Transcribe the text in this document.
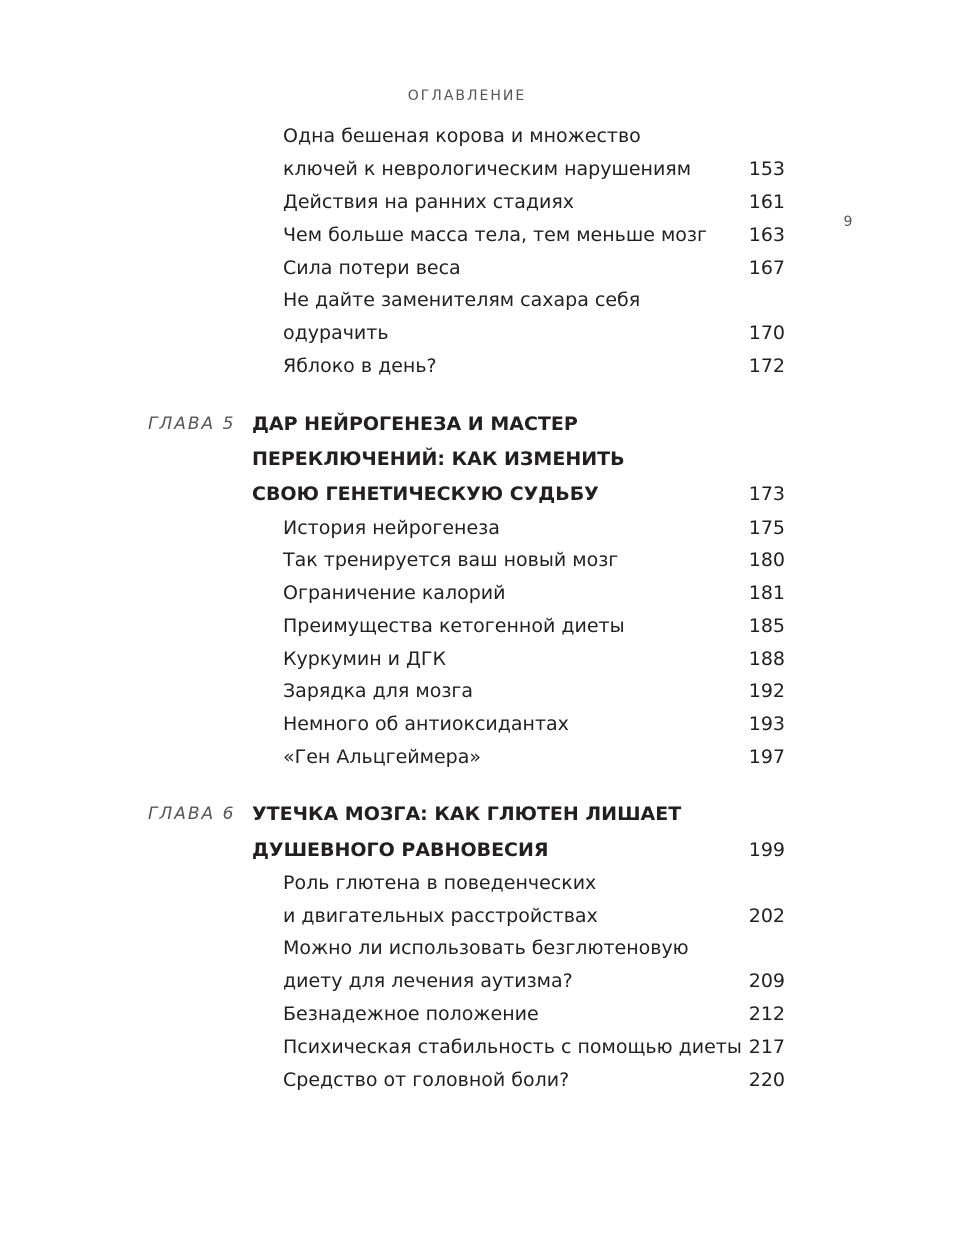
ОГЛАВЛЕНИЕ
9
Одна бешеная корова и множество
ключей к неврологическим нарушениям	153
Действия на ранних стадиях	161
Чем больше масса тела, тем меньше мозг 163
Сила потери веса	167
Не дайте заменителям сахара себя
одурачить	170
Яблоко в день?	172
ГЛАВА 5 ДАР НЕЙРОГЕНЕЗА И МАСТЕР
ПЕРЕКЛЮЧЕНИЙ: КАК ИЗМЕНИТЬ
СВОЮ ГЕНЕТИЧЕСКУЮ СУДЬБУ	173
История нейрогенеза	175
Так тренируется ваш новый мозг	180
Ограничение калорий	181
Преимущества кетогенной диеты	185
Куркумин и ДГК	188
Зарядка для мозга	192
Немного об антиоксидантах	193
«Ген Альцгеймера»	197
ГЛАВА 6 УТЕЧКА МОЗГА: КАК ГЛЮТЕН ЛИШАЕТ
ДУШЕВНОГО РАВНОВЕСИЯ	199
Роль глютена в поведенческих
и двигательных расстройствах	202
Можно ли использовать безглютеновую
диету для лечения аутизма?	209
Безнадежное положение	212
Психическая стабильность с помощью диеты 217
Средство от головной боли?	220
